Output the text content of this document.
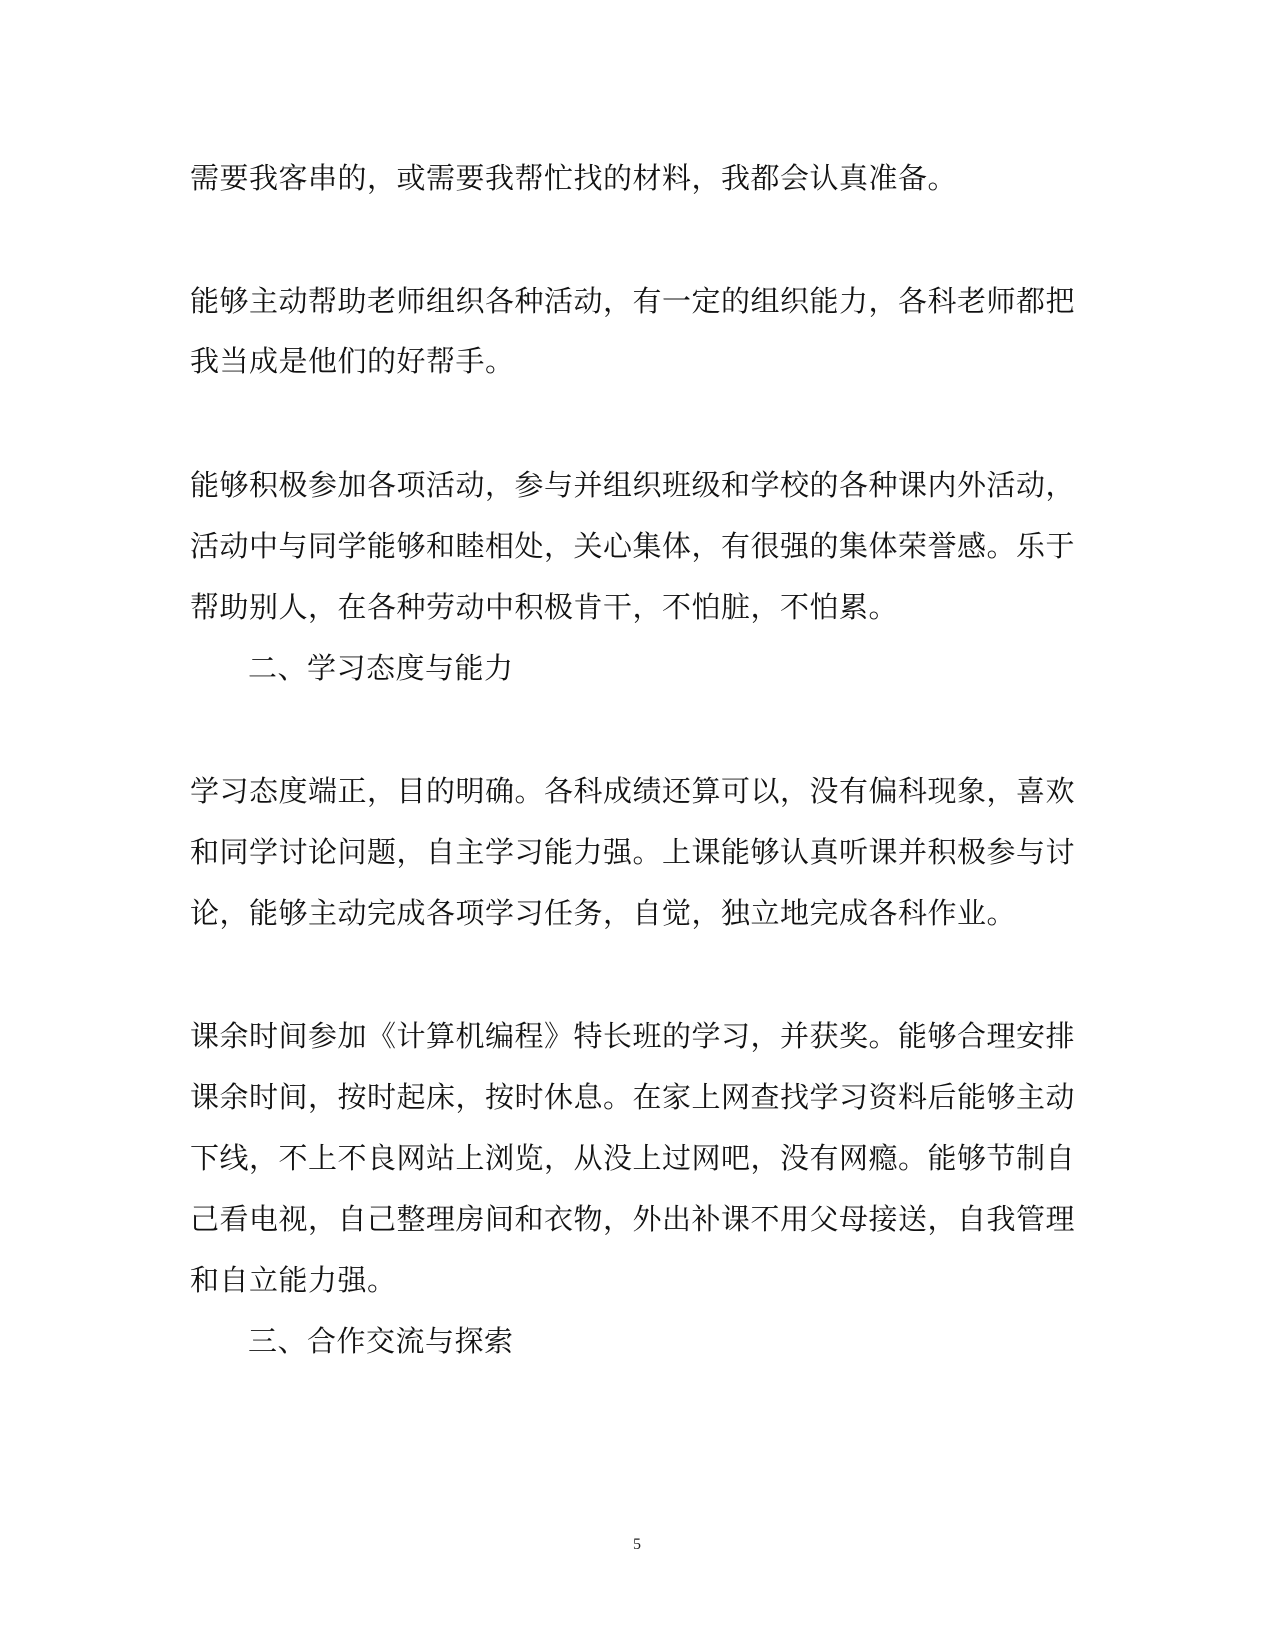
需要我客串的，或需要我帮忙找的材料，我都会认真准备。
能够主动帮助老师组织各种活动，有一定的组织能力，各科老师都把
我当成是他们的好帮手。
能够积极参加各项活动，参与并组织班级和学校的各种课内外活动，
活动中与同学能够和睦相处，关心集体，有很强的集体荣誉感。乐于
帮助别人，在各种劳动中积极肯干，不怕脏，不怕累。
二、学习态度与能力
学习态度端正，目的明确。各科成绩还算可以，没有偏科现象，喜欢
和同学讨论问题，自主学习能力强。上课能够认真听课并积极参与讨
论，能够主动完成各项学习任务，自觉，独立地完成各科作业。
课余时间参加《计算机编程》特长班的学习，并获奖。能够合理安排
课余时间，按时起床，按时休息。在家上网查找学习资料后能够主动
下线，不上不良网站上浏览，从没上过网吧，没有网瘾。能够节制自
己看电视，自己整理房间和衣物，外出补课不用父母接送，自我管理
和自立能力强。
三、合作交流与探索
5
